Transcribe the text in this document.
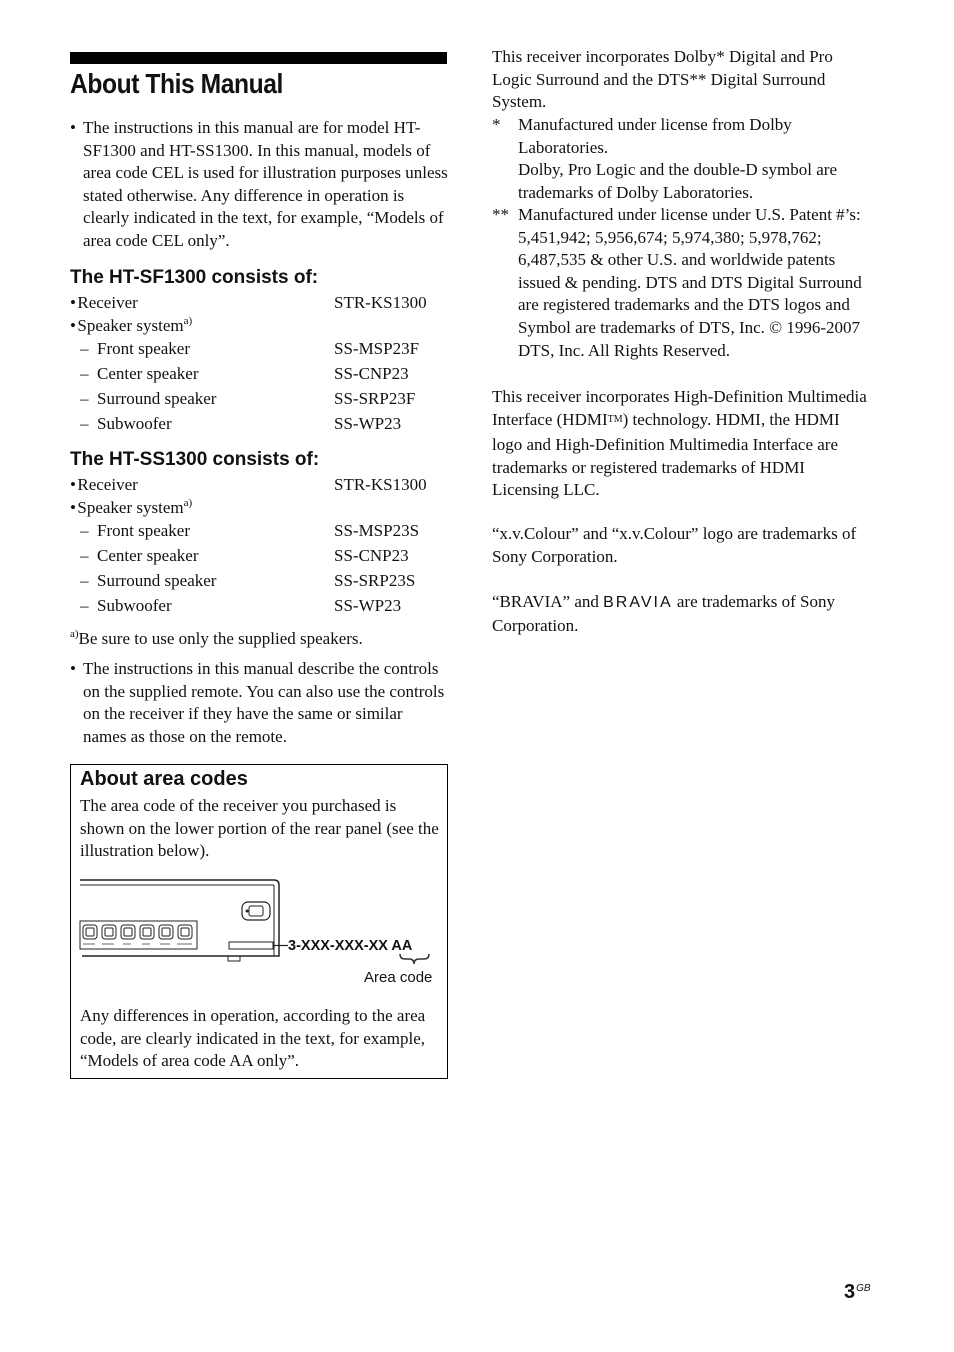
About This Manual
• The instructions in this manual are for model HT-SF1300 and HT-SS1300. In this manual, models of area code CEL is used for illustration purposes unless stated otherwise. Any difference in operation is clearly indicated in the text, for example, “Models of area code CEL only”.
The HT-SF1300 consists of:
• Receiver	STR-KS1300
• Speaker system$^{a)}$
–  Front speaker	SS-MSP23F
–  Center speaker	SS-CNP23
–  Surround speaker	SS-SRP23F
–  Subwoofer	SS-WP23
The HT-SS1300 consists of:
• Receiver	STR-KS1300
• Speaker system$^{a)}$
–  Front speaker	SS-MSP23S
–  Center speaker	SS-CNP23
–  Surround speaker	SS-SRP23S
–  Subwoofer	SS-WP23
$^{a)}$Be sure to use only the supplied speakers.
• The instructions in this manual describe the controls on the supplied remote. You can also use the controls on the receiver if they have the same or similar names as those on the remote.
About area codes
The area code of the receiver you purchased is shown on the lower portion of the rear panel (see the illustration below).
3-XXX-XXX-XX AA
Area code
Any differences in operation, according to the area code, are clearly indicated in the text, for example, “Models of area code AA only”.
This receiver incorporates Dolby* Digital and Pro Logic Surround and the DTS** Digital Surround System.
* Manufactured under license from Dolby Laboratories.
Dolby, Pro Logic and the double-D symbol are trademarks of Dolby Laboratories.
** Manufactured under license under U.S. Patent #’s: 5,451,942; 5,956,674; 5,974,380; 5,978,762; 6,487,535 & other U.S. and worldwide patents issued & pending. DTS and DTS Digital Surround are registered trademarks and the DTS logos and Symbol are trademarks of DTS, Inc. © 1996-2007 DTS, Inc. All Rights Reserved.
This receiver incorporates High-Definition Multimedia Interface (HDMITM) technology. HDMI, the HDMI logo and High-Definition Multimedia Interface are trademarks or registered trademarks of HDMI Licensing LLC.
“x.v.Colour” and “x.v.Colour” logo are trademarks of Sony Corporation.
“BRAVIA” and BRAVIA are trademarks of Sony Corporation.
$3^{GB}$
